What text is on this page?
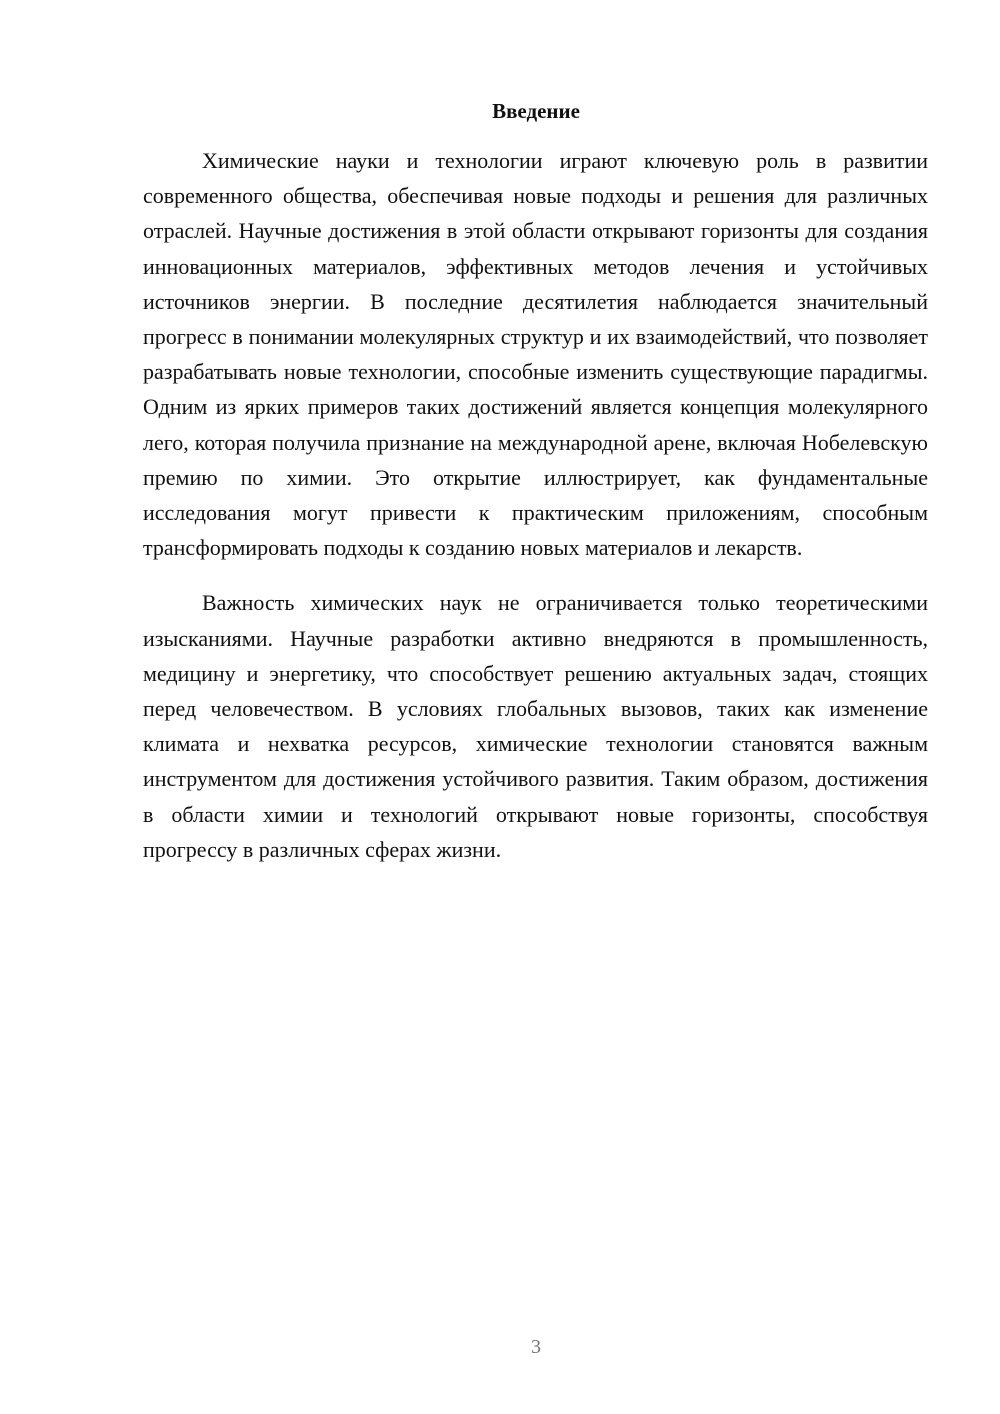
Введение

Химические науки и технологии играют ключевую роль в развитии современного общества, обеспечивая новые подходы и решения для различных отраслей. Научные достижения в этой области открывают горизонты для создания инновационных материалов, эффективных методов лечения и устойчивых источников энергии. В последние десятилетия наблюдается значительный прогресс в понимании молекулярных структур и их взаимодействий, что позволяет разрабатывать новые технологии, способные изменить существующие парадигмы. Одним из ярких примеров таких достижений является концепция молекулярного лего, которая получила признание на международной арене, включая Нобелевскую премию по химии. Это открытие иллюстрирует, как фундаментальные исследования могут привести к практическим приложениям, способным трансформировать подходы к созданию новых материалов и лекарств.

Важность химических наук не ограничивается только теоретическими изысканиями. Научные разработки активно внедряются в промышленность, медицину и энергетику, что способствует решению актуальных задач, стоящих перед человечеством. В условиях глобальных вызовов, таких как изменение климата и нехватка ресурсов, химические технологии становятся важным инструментом для достижения устойчивого развития. Таким образом, достижения в области химии и технологий открывают новые горизонты, способствуя прогрессу в различных сферах жизни.

3
